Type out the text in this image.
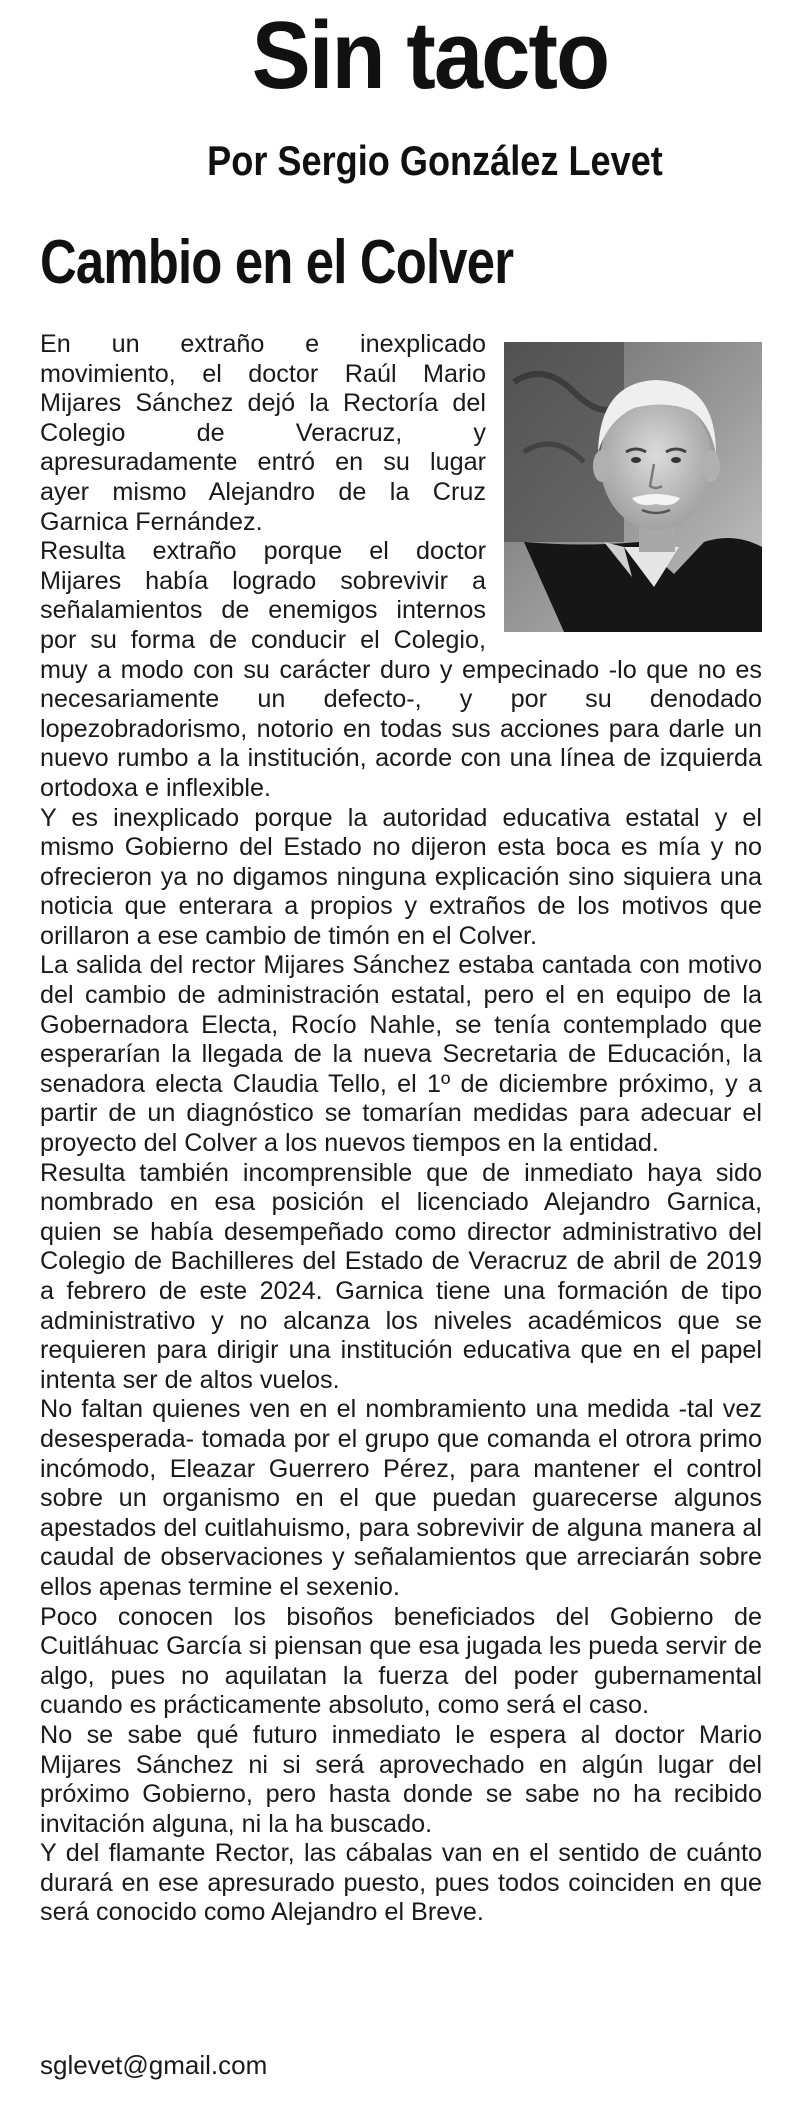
Sin tacto
Por Sergio González Levet
Cambio en el Colver

En un extraño e inexplicado movimiento, el doctor Raúl Mario Mijares Sánchez dejó la Rectoría del Colegio de Veracruz, y apresuradamente entró en su lugar ayer mismo Alejandro de la Cruz Garnica Fernández.

Resulta extraño porque el doctor Mijares había logrado sobrevivir a señalamientos de enemigos internos por su forma de conducir el Colegio, muy a modo con su carácter duro y empecinado -lo que no es necesariamente un defecto-, y por su denodado lopezobradorismo, notorio en todas sus acciones para darle un nuevo rumbo a la institución, acorde con una línea de izquierda ortodoxa e inflexible.

Y es inexplicado porque la autoridad educativa estatal y el mismo Gobierno del Estado no dijeron esta boca es mía y no ofrecieron ya no digamos ninguna explicación sino siquiera una noticia que enterara a propios y extraños de los motivos que orillaron a ese cambio de timón en el Colver.

La salida del rector Mijares Sánchez estaba cantada con motivo del cambio de administración estatal, pero el en equipo de la Gobernadora Electa, Rocío Nahle, se tenía contemplado que esperarían la llegada de la nueva Secretaria de Educación, la senadora electa Claudia Tello, el 1º de diciembre próximo, y a partir de un diagnóstico se tomarían medidas para adecuar el proyecto del Colver a los nuevos tiempos en la entidad.

Resulta también incomprensible que de inmediato haya sido nombrado en esa posición el licenciado Alejandro Garnica, quien se había desempeñado como director administrativo del Colegio de Bachilleres del Estado de Veracruz de abril de 2019 a febrero de este 2024. Garnica tiene una formación de tipo administrativo y no alcanza los niveles académicos que se requieren para dirigir una institución educativa que en el papel intenta ser de altos vuelos.

No faltan quienes ven en el nombramiento una medida -tal vez desesperada- tomada por el grupo que comanda el otrora primo incómodo, Eleazar Guerrero Pérez, para mantener el control sobre un organismo en el que puedan guarecerse algunos apestados del cuitlahuismo, para sobrevivir de alguna manera al caudal de observaciones y señalamientos que arreciarán sobre ellos apenas termine el sexenio.

Poco conocen los bisoños beneficiados del Gobierno de Cuitláhuac García si piensan que esa jugada les pueda servir de algo, pues no aquilatan la fuerza del poder gubernamental cuando es prácticamente absoluto, como será el caso.

No se sabe qué futuro inmediato le espera al doctor Mario Mijares Sánchez ni si será aprovechado en algún lugar del próximo Gobierno, pero hasta donde se sabe no ha recibido invitación alguna, ni la ha buscado.

Y del flamante Rector, las cábalas van en el sentido de cuánto durará en ese apresurado puesto, pues todos coinciden en que será conocido como Alejandro el Breve.

sglevet@gmail.com
